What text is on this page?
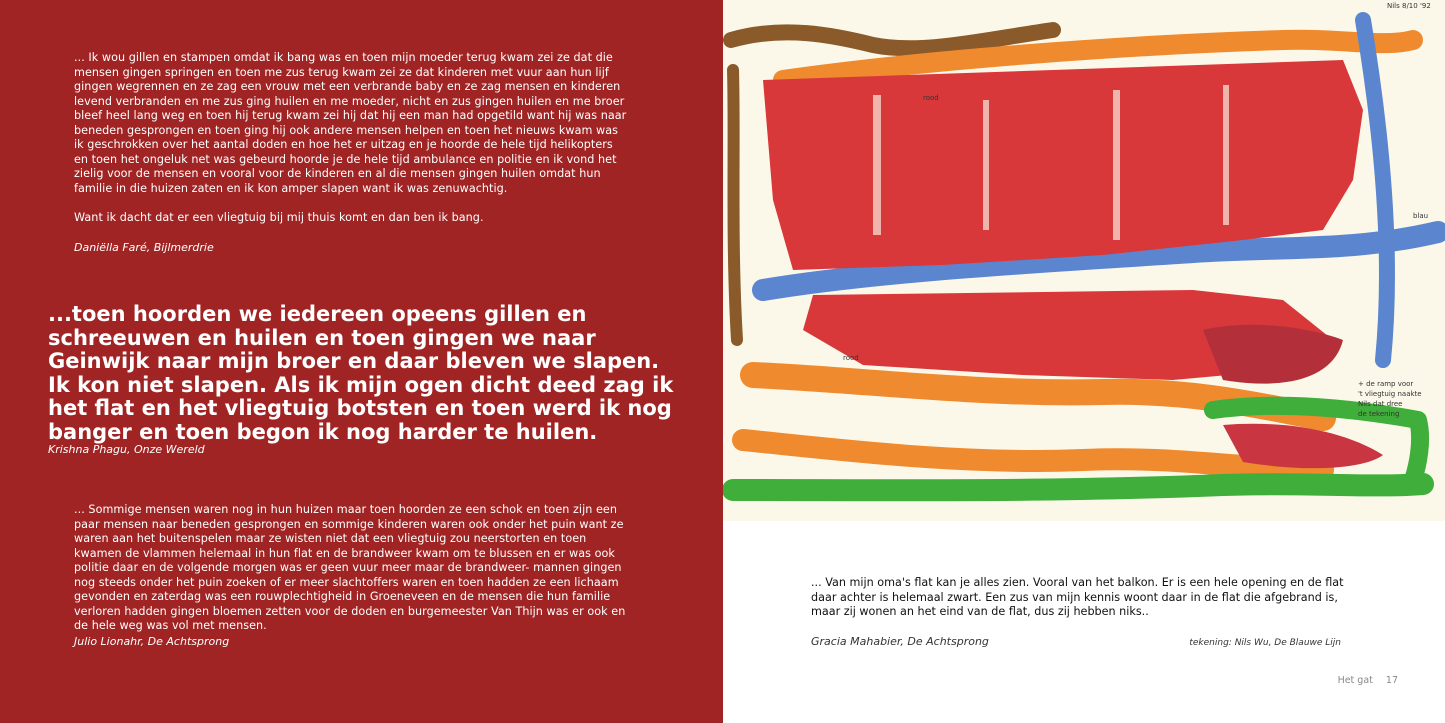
... Ik wou gillen en stampen omdat ik bang was en toen mijn moeder terug kwam zei ze dat die mensen gingen springen en toen me zus terug kwam zei ze dat kinderen met vuur aan hun lijf gingen wegrennen en ze zag een vrouw met een verbrande baby en ze zag mensen en kinderen levend verbranden en me zus ging huilen en me moeder, nicht en zus gingen huilen en me broer bleef heel lang weg en toen hij terug kwam zei hij dat hij een man had opgetild want hij was naar beneden gesprongen en toen ging hij ook andere mensen helpen en toen het nieuws kwam was ik geschrokken over het aantal doden en hoe het er uitzag en je hoorde de hele tijd helikopters en toen het ongeluk net was gebeurd hoorde je de hele tijd ambulance en politie en ik vond het zielig voor de mensen en vooral voor de kinderen en al die mensen gingen huilen omdat hun familie in die huizen zaten en ik kon amper slapen want ik was zenuwachtig.

Want ik dacht dat er een vliegtuig bij mij thuis komt en dan ben ik bang.

Daniëlla Faré, Bijlmerdrie

...toen hoorden we iedereen opeens gillen en schreeuwen en huilen en toen gingen we naar Geinwijk naar mijn broer en daar bleven we slapen. Ik kon niet slapen. Als ik mijn ogen dicht deed zag ik het flat en het vliegtuig botsten en toen werd ik nog banger en toen begon ik nog harder te huilen.

Krishna Phagu, Onze Wereld

... Sommige mensen waren nog in hun huizen maar toen hoorden ze een schok en toen zijn een paar mensen naar beneden gesprongen en sommige kinderen waren ook onder het puin want ze waren aan het buitenspelen maar ze wisten niet dat een vliegtuig zou neerstorten en toen kwamen de vlammen helemaal in hun flat en de brandweer kwam om te blussen en er was ook politie daar en de volgende morgen was er geen vuur meer maar de brandweer- mannen gingen nog steeds onder het puin zoeken of er meer slachtoffers waren en toen hadden ze een lichaam gevonden en zaterdag was een rouwplechtigheid in Groeneveen en de mensen die hun familie verloren hadden gingen bloemen zetten voor de doden en burgemeester Van Thijn was er ook en de hele weg was vol met mensen.

Julio Lionahr, De Achtsprong

Nils 8/10 '92
blau
rood
rood
+ de ramp voor
't vliegtuig naakte
Nils dat dree
de tekening

... Van mijn oma's flat kan je alles zien. Vooral van het balkon. Er is een hele opening en de flat daar achter is helemaal zwart. Een zus van mijn kennis woont daar in de flat die afgebrand is, maar zij wonen an het eind van de flat, dus zij hebben niks..

Gracia Mahabier, De Achtsprong	tekening: Nils Wu, De Blauwe Lijn

Het gat 17
